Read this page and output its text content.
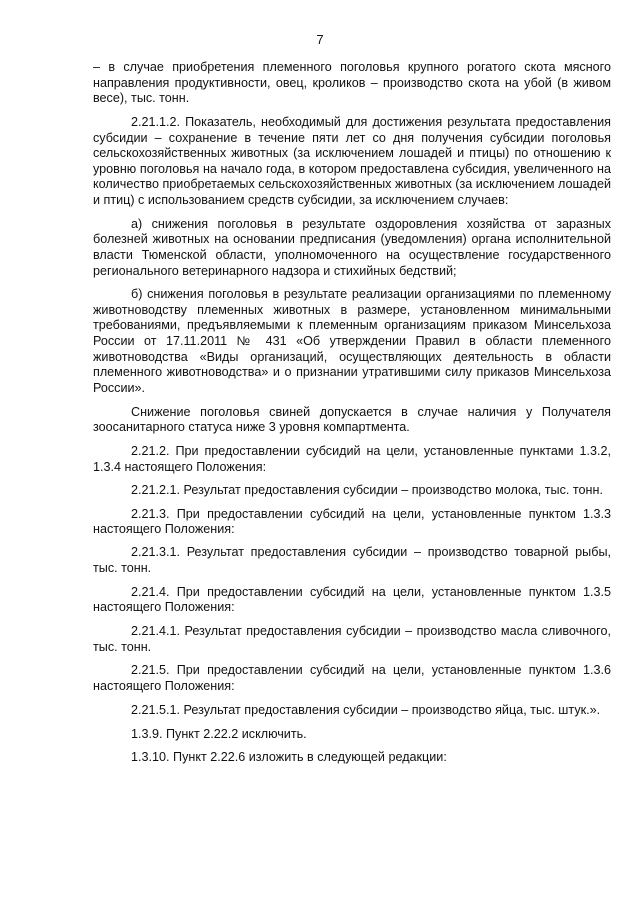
7

– в случае приобретения племенного поголовья крупного рогатого скота мясного направления продуктивности, овец, кроликов – производство скота на убой (в живом весе), тыс. тонн.

2.21.1.2. Показатель, необходимый для достижения результата предоставления субсидии – сохранение в течение пяти лет со дня получения субсидии поголовья сельскохозяйственных животных (за исключением лошадей и птицы) по отношению к уровню поголовья на начало года, в котором предоставлена субсидия, увеличенного на количество приобретаемых сельскохозяйственных животных (за исключением лошадей и птиц) с использованием средств субсидии, за исключением случаев:

а) снижения поголовья в результате оздоровления хозяйства от заразных болезней животных на основании предписания (уведомления) органа исполнительной власти Тюменской области, уполномоченного на осуществление государственного регионального ветеринарного надзора и стихийных бедствий;

б) снижения поголовья в результате реализации организациями по племенному животноводству племенных животных в размере, установленном минимальными требованиями, предъявляемыми к племенным организациям приказом Минсельхоза России от 17.11.2011 № 431 «Об утверждении Правил в области племенного животноводства «Виды организаций, осуществляющих деятельность в области племенного животноводства» и о признании утратившими силу приказов Минсельхоза России».

Снижение поголовья свиней допускается в случае наличия у Получателя зоосанитарного статуса ниже 3 уровня компартмента.

2.21.2. При предоставлении субсидий на цели, установленные пунктами 1.3.2, 1.3.4 настоящего Положения:

2.21.2.1. Результат предоставления субсидии – производство молока, тыс. тонн.

2.21.3. При предоставлении субсидий на цели, установленные пунктом 1.3.3 настоящего Положения:

2.21.3.1. Результат предоставления субсидии – производство товарной рыбы, тыс. тонн.

2.21.4. При предоставлении субсидий на цели, установленные пунктом 1.3.5 настоящего Положения:

2.21.4.1. Результат предоставления субсидии – производство масла сливочного, тыс. тонн.

2.21.5. При предоставлении субсидий на цели, установленные пунктом 1.3.6 настоящего Положения:

2.21.5.1. Результат предоставления субсидии – производство яйца, тыс. штук.».

1.3.9. Пункт 2.22.2 исключить.

1.3.10. Пункт 2.22.6 изложить в следующей редакции:
